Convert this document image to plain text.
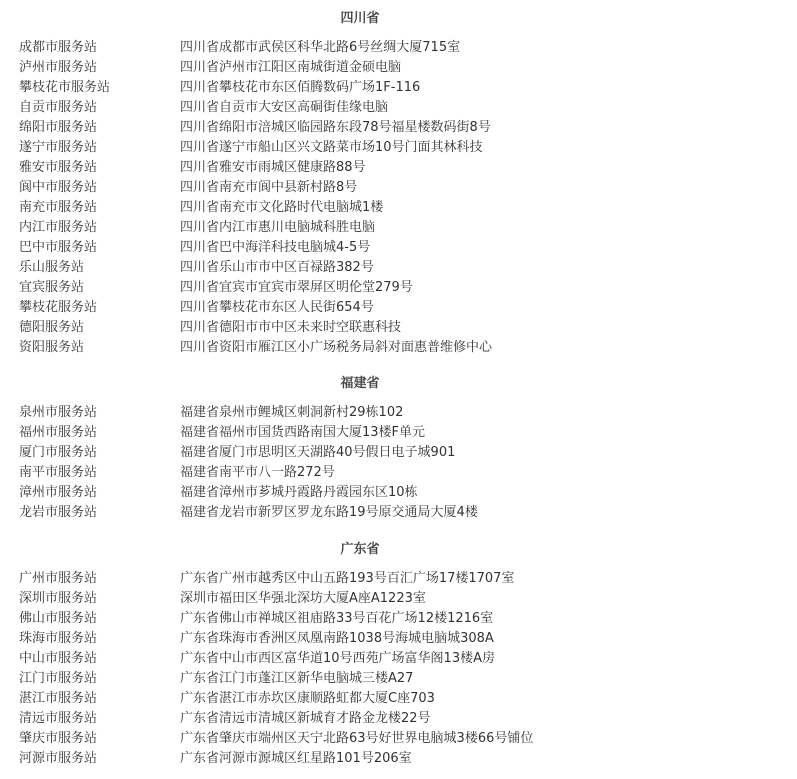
四川省
成都市服务站	四川省成都市武侯区科华北路6号丝绸大厦715室
泸州市服务站	四川省泸州市江阳区南城街道金硕电脑
攀枝花市服务站	四川省攀枝花市东区佰腾数码广场1F-116
自贡市服务站	四川省自贡市大安区高硐街佳缘电脑
绵阳市服务站	四川省绵阳市涪城区临园路东段78号福星楼数码街8号
遂宁市服务站	四川省遂宁市船山区兴文路菜市场10号门面其林科技
雅安市服务站	四川省雅安市雨城区健康路88号
阆中市服务站	四川省南充市阆中县新村路8号
南充市服务站	四川省南充市文化路时代电脑城1楼
内江市服务站	四川省内江市惠川电脑城科胜电脑
巴中市服务站	四川省巴中海洋科技电脑城4-5号
乐山服务站	四川省乐山市市中区百禄路382号
宜宾服务站	四川省宜宾市宜宾市翠屏区明伦堂279号
攀枝花服务站	四川省攀枝花市东区人民街654号
德阳服务站	四川省德阳市市中区未来时空联惠科技
资阳服务站	四川省资阳市雁江区小广场税务局斜对面惠普维修中心
福建省
泉州市服务站	福建省泉州市鲤城区刺洞新村29栋102
福州市服务站	福建省福州市国货西路南国大厦13楼F单元
厦门市服务站	福建省厦门市思明区天湖路40号假日电子城901
南平市服务站	福建省南平市八一路272号
漳州市服务站	福建省漳州市芗城丹霞路丹霞园东区10栋
龙岩市服务站	福建省龙岩市新罗区罗龙东路19号原交通局大厦4楼
广东省
广州市服务站	广东省广州市越秀区中山五路193号百汇广场17楼1707室
深圳市服务站	深圳市福田区华强北深坊大厦A座A1223室
佛山市服务站	广东省佛山市禅城区祖庙路33号百花广场12楼1216室
珠海市服务站	广东省珠海市香洲区凤凰南路1038号海城电脑城308A
中山市服务站	广东省中山市西区富华道10号西苑广场富华阁13楼A房
江门市服务站	广东省江门市蓬江区新华电脑城三楼A27
湛江市服务站	广东省湛江市赤坎区康顺路虹都大厦C座703
清远市服务站	广东省清远市清城区新城育才路金龙楼22号
肇庆市服务站	广东省肇庆市端州区天宁北路63号好世界电脑城3楼66号铺位
河源市服务站	广东省河源市源城区红星路101号206室
